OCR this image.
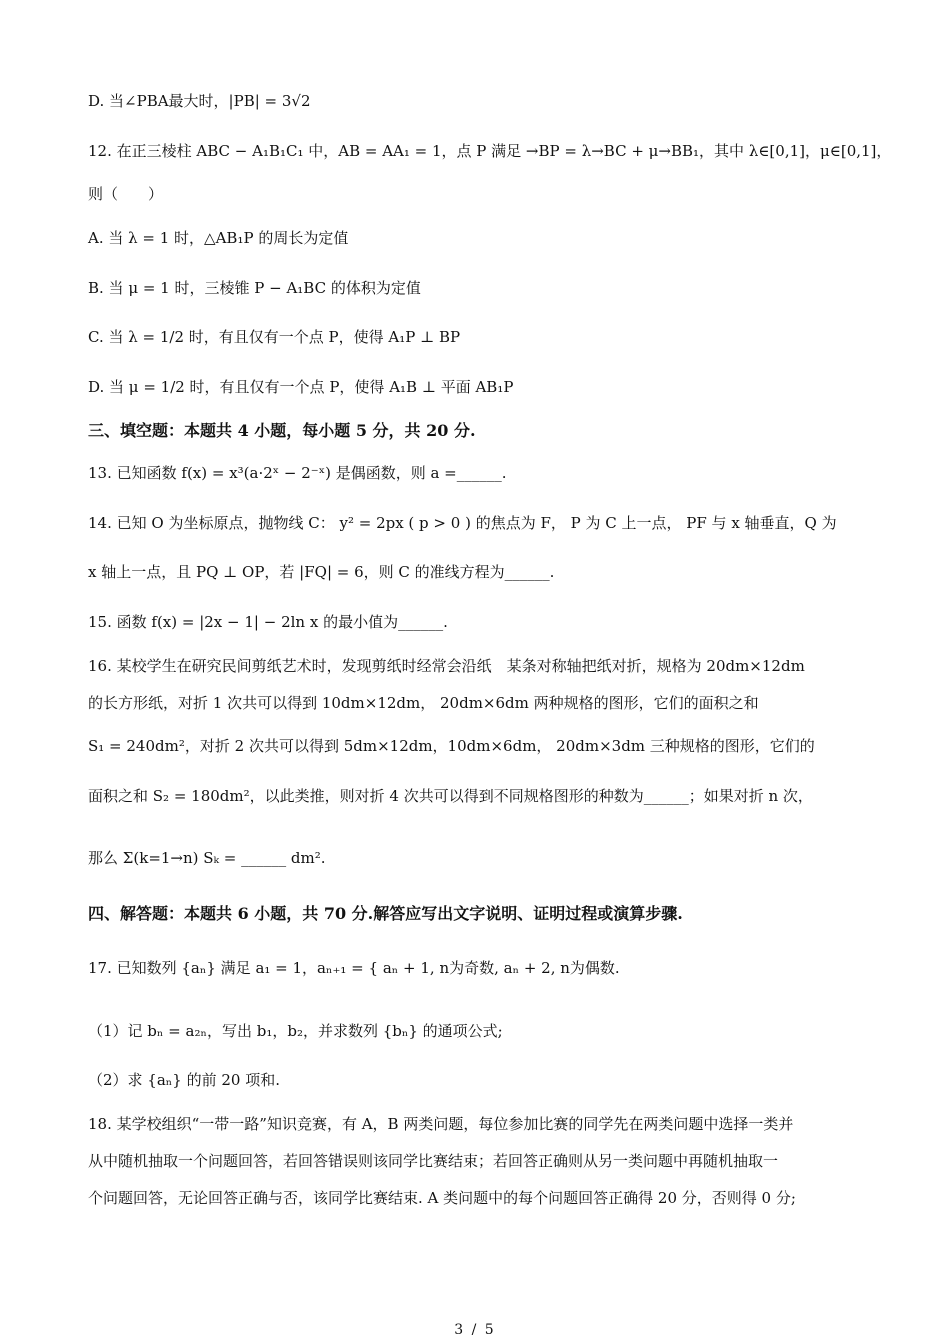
D. 当∠PBA最大时，|PB| = 3√2
12. 在正三棱柱 ABC − A₁B₁C₁ 中，AB = AA₁ = 1，点 P 满足 →BP = λ→BC + μ→BB₁，其中 λ∈[0,1]，μ∈[0,1]，
则（　　）
A. 当 λ = 1 时，△AB₁P 的周长为定值
B. 当 μ = 1 时，三棱锥 P − A₁BC 的体积为定值
C. 当 λ = 1/2 时，有且仅有一个点 P，使得 A₁P ⊥ BP
D. 当 μ = 1/2 时，有且仅有一个点 P，使得 A₁B ⊥ 平面 AB₁P
三、填空题：本题共 4 小题，每小题 5 分，共 20 分.
13. 已知函数 f(x) = x³(a·2ˣ − 2⁻ˣ) 是偶函数，则 a =______.
14. 已知 O 为坐标原点，抛物线 C： y² = 2px ( p > 0 ) 的焦点为 F， P 为 C 上一点， PF 与 x 轴垂直，Q 为
x 轴上一点，且 PQ ⊥ OP，若 |FQ| = 6，则 C 的准线方程为______.
15. 函数 f(x) = |2x − 1| − 2ln x 的最小值为______.
16. 某校学生在研究民间剪纸艺术时，发现剪纸时经常会沿纸　某条对称轴把纸对折，规格为 20dm×12dm
的长方形纸，对折 1 次共可以得到 10dm×12dm， 20dm×6dm 两种规格的图形，它们的面积之和
S₁ = 240dm²，对折 2 次共可以得到 5dm×12dm，10dm×6dm， 20dm×3dm 三种规格的图形，它们的
面积之和 S₂ = 180dm²，以此类推，则对折 4 次共可以得到不同规格图形的种数为______；如果对折 n 次，
那么 Σ(k=1→n) Sₖ = ______ dm².
四、解答题：本题共 6 小题，共 70 分.解答应写出文字说明、证明过程或演算步骤.
17. 已知数列 {aₙ} 满足 a₁ = 1，aₙ₊₁ = { aₙ + 1, n为奇数, aₙ + 2, n为偶数.
（1）记 bₙ = a₂ₙ，写出 b₁，b₂，并求数列 {bₙ} 的通项公式;
（2）求 {aₙ} 的前 20 项和.
18. 某学校组织“一带一路”知识竞赛，有 A，B 两类问题，每位参加比赛的同学先在两类问题中选择一类并
从中随机抽取一个问题回答，若回答错误则该同学比赛结束；若回答正确则从另一类问题中再随机抽取一
个问题回答，无论回答正确与否，该同学比赛结束. A 类问题中的每个问题回答正确得 20 分，否则得 0 分;
3 / 5
